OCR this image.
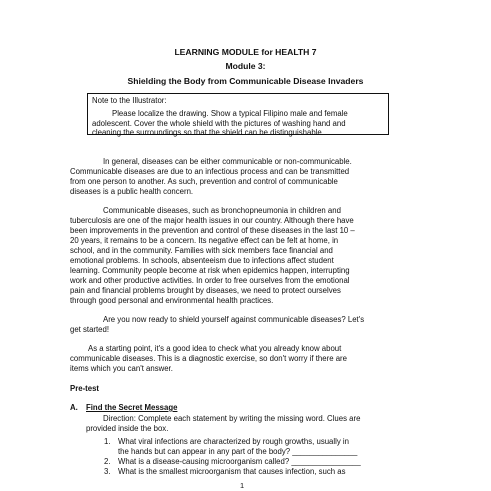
LEARNING MODULE for HEALTH 7
Module 3:
Shielding the Body from Communicable Disease Invaders
Note to the Illustrator:
Please localize the drawing. Show a typical Filipino male and female
adolescent. Cover the whole shield with the pictures of washing hand and
cleaning the surroundings so that the shield can be distinguishable
In general, diseases can be either communicable or non-communicable.
Communicable diseases are due to an infectious process and can be transmitted
from one person to another. As such, prevention and control of communicable
diseases is a public health concern.
Communicable diseases, such as bronchopneumonia in children and
tuberculosis are one of the major health issues in our country. Although there have
been improvements in the prevention and control of these diseases in the last 10 –
20 years, it remains to be a concern. Its negative effect can be felt at home, in
school, and in the community. Families with sick members face financial and
emotional problems. In schools, absenteeism due to infections affect student
learning. Community people become at risk when epidemics happen, interrupting
work and other productive activities. In order to free ourselves from the emotional
pain and financial problems brought by diseases, we need to protect ourselves
through good personal and environmental health practices.
Are you now ready to shield yourself against communicable diseases? Let's
get started!
As a starting point, it's a good idea to check what you already know about
communicable diseases. This is a diagnostic exercise, so don't worry if there are
items which you can't answer.
Pre-test
A. Find the Secret Message
Direction: Complete each statement by writing the missing word. Clues are
provided inside the box.
1. What viral infections are characterized by rough growths, usually in
the hands but can appear in any part of the body? _______________
2. What is a disease-causing microorganism called? ________________
3. What is the smallest microorganism that causes infection, such as
1
